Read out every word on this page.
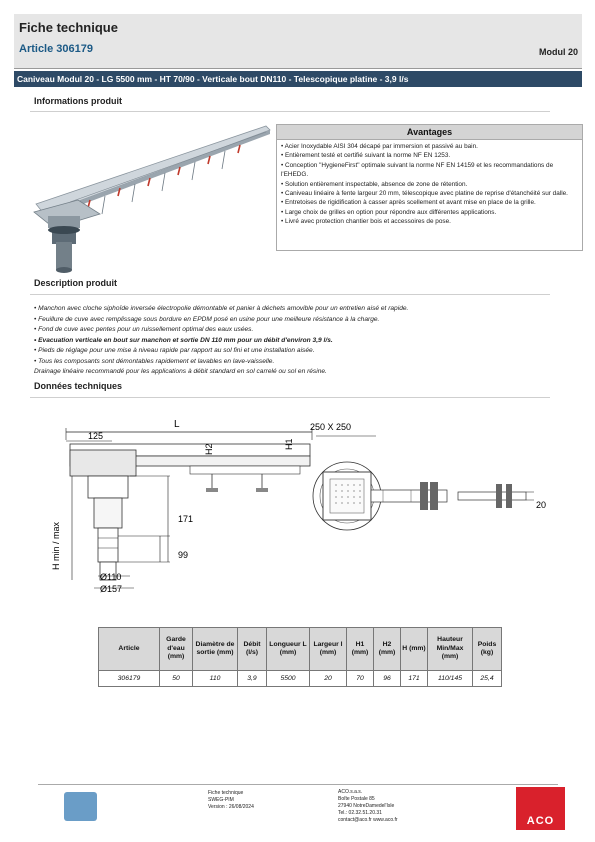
Fiche technique
Article 306179	Modul 20
Caniveau Modul 20 - LG 5500 mm - HT 70/90 - Verticale bout DN110 - Telescopique platine - 3,9 l/s
Informations produit
Avantages
• Acier Inoxydable AISI 304 décapé par immersion et passivé au bain.
• Entièrement testé et certifié suivant la norme NF EN 1253.
• Conception "HygieneFirst" optimale suivant la norme NF EN 14159 et les recommandations de l'EHEDG.
• Solution entièrement inspectable, absence de zone de rétention.
• Caniveau linéaire à fente largeur 20 mm, télescopique avec platine de reprise d'étanchéité sur dalle.
• Entretoises de rigidification à casser après scellement et avant mise en place de la grille.
• Large choix de grilles en option pour répondre aux différentes applications.
• Livré avec protection chantier bois et accessoires de pose.
Description produit
• Manchon avec cloche siphoïde inversée électropolie démontable et panier à déchets amovible pour un entretien aisé et rapide.
• Feuillure de cuve avec remplissage sous bordure en EPDM posé en usine pour une meilleure résistance à la charge.
• Fond de cuve avec pentes pour un ruissellement optimal des eaux usées.
• Evacuation verticale en bout sur manchon et sortie DN 110 mm pour un débit d'environ 3,9 l/s.
• Pieds de réglage pour une mise à niveau rapide par rapport au sol fini et une installation aisée.
• Tous les composants sont démontables rapidement et lavables en lave-vaisselle.
Drainage linéaire recommandé pour les applications à débit standard en sol carrelé ou sol en résine.
Données techniques
L
125
H2	H1
H min / max
171
99
Ø110
Ø157
250 X 250
20
Article	Garde d'eau (mm)	Diamètre de sortie (mm)	Débit (l/s)	Longueur L (mm)	Largeur l (mm)	H1 (mm)	H2 (mm)	H (mm)	Hauteur Min/Max (mm)	Poids (kg)
306179	50	110	3,9	5500	20	70	96	171	110/145	25,4
Fiche technique
SWEG-PIM
Version : 26/08/2024
ACO.s.a.s.
Boîte Postale 85
27940 NotreDamedel'Isle
Tel.: 02.32.51.20.31
contact@aco.fr www.aco.fr	ACO
